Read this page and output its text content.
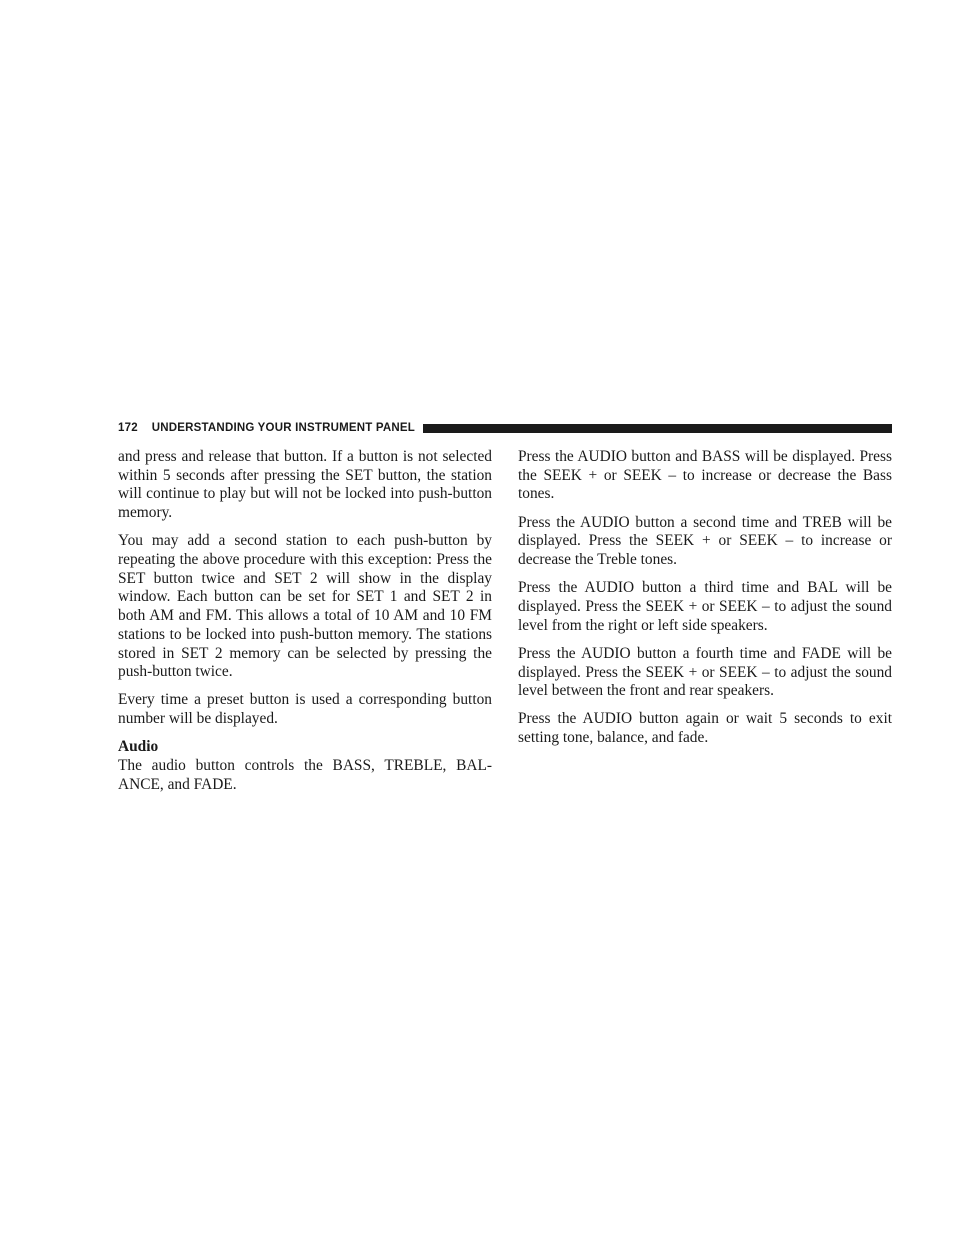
172 UNDERSTANDING YOUR INSTRUMENT PANEL

and press and release that button. If a button is not selected within 5 seconds after pressing the SET button, the station will continue to play but will not be locked into push-button memory.

You may add a second station to each push-button by repeating the above procedure with this exception: Press the SET button twice and SET 2 will show in the display window. Each button can be set for SET 1 and SET 2 in both AM and FM. This allows a total of 10 AM and 10 FM stations to be locked into push-button memory. The stations stored in SET 2 memory can be selected by pressing the push-button twice.

Every time a preset button is used a corresponding button number will be displayed.

Audio

The audio button controls the BASS, TREBLE, BAL- ANCE, and FADE.

Press the AUDIO button and BASS will be displayed. Press the SEEK + or SEEK – to increase or decrease the Bass tones.

Press the AUDIO button a second time and TREB will be displayed. Press the SEEK + or SEEK – to increase or decrease the Treble tones.

Press the AUDIO button a third time and BAL will be displayed. Press the SEEK + or SEEK – to adjust the sound level from the right or left side speakers.

Press the AUDIO button a fourth time and FADE will be displayed. Press the SEEK + or SEEK – to adjust the sound level between the front and rear speakers.

Press the AUDIO button again or wait 5 seconds to exit setting tone, balance, and fade.
